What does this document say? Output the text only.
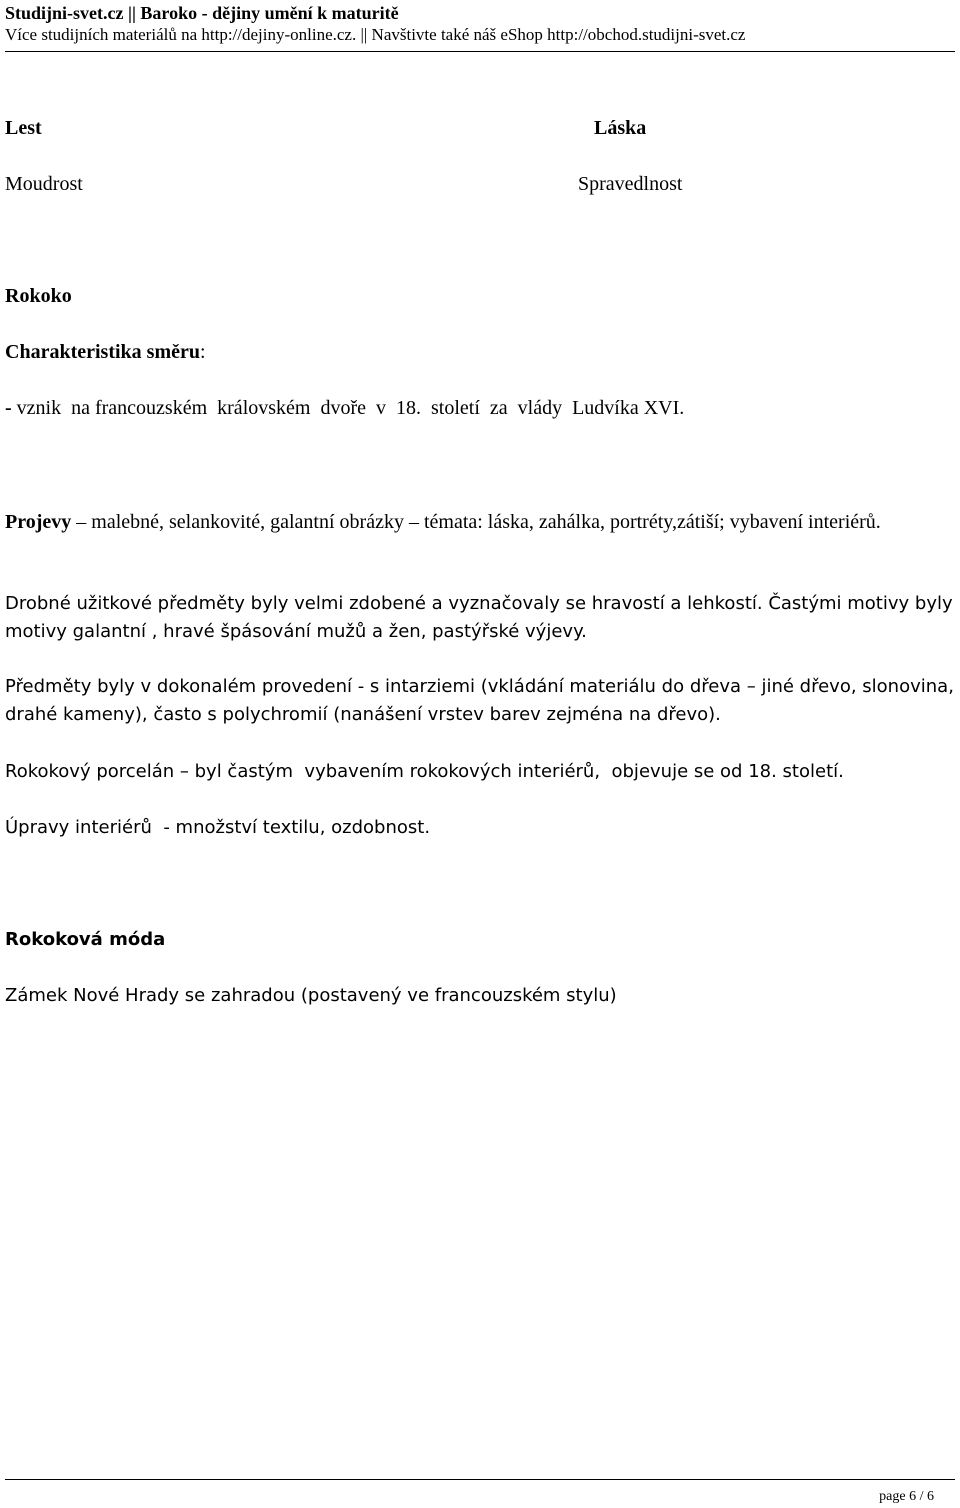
Studijni-svet.cz || Baroko - dějiny umění k maturitě
Více studijních materiálů na http://dejiny-online.cz. || Navštivte také náš eShop http://obchod.studijni-svet.cz

Lest	Láska

Moudrost	Spravedlnost

Rokoko

Charakteristika směru:

- vznik  na francouzském  královském  dvoře  v  18.  století  za  vlády  Ludvíka XVI.

Projevy – malebné, selankovité, galantní obrázky – témata: láska, zahálka, portréty,zátiší; vybavení interiérů.

Drobné užitkové předměty byly velmi zdobené a vyznačovaly se hravostí a lehkostí. Častými motivy byly motivy galantní , hravé špásování mužů a žen, pastýřské výjevy.

Předměty byly v dokonalém provedení - s intarziemi (vkládání materiálu do dřeva – jiné dřevo, slonovina, drahé kameny), často s polychromií (nanášení vrstev barev zejména na dřevo).

Rokokový porcelán – byl častým  vybavením rokokových interiérů,  objevuje se od 18. století.

Úpravy interiérů  - množství textilu, ozdobnost.

Rokoková móda

Zámek Nové Hrady se zahradou (postavený ve francouzském stylu)

page 6 / 6
